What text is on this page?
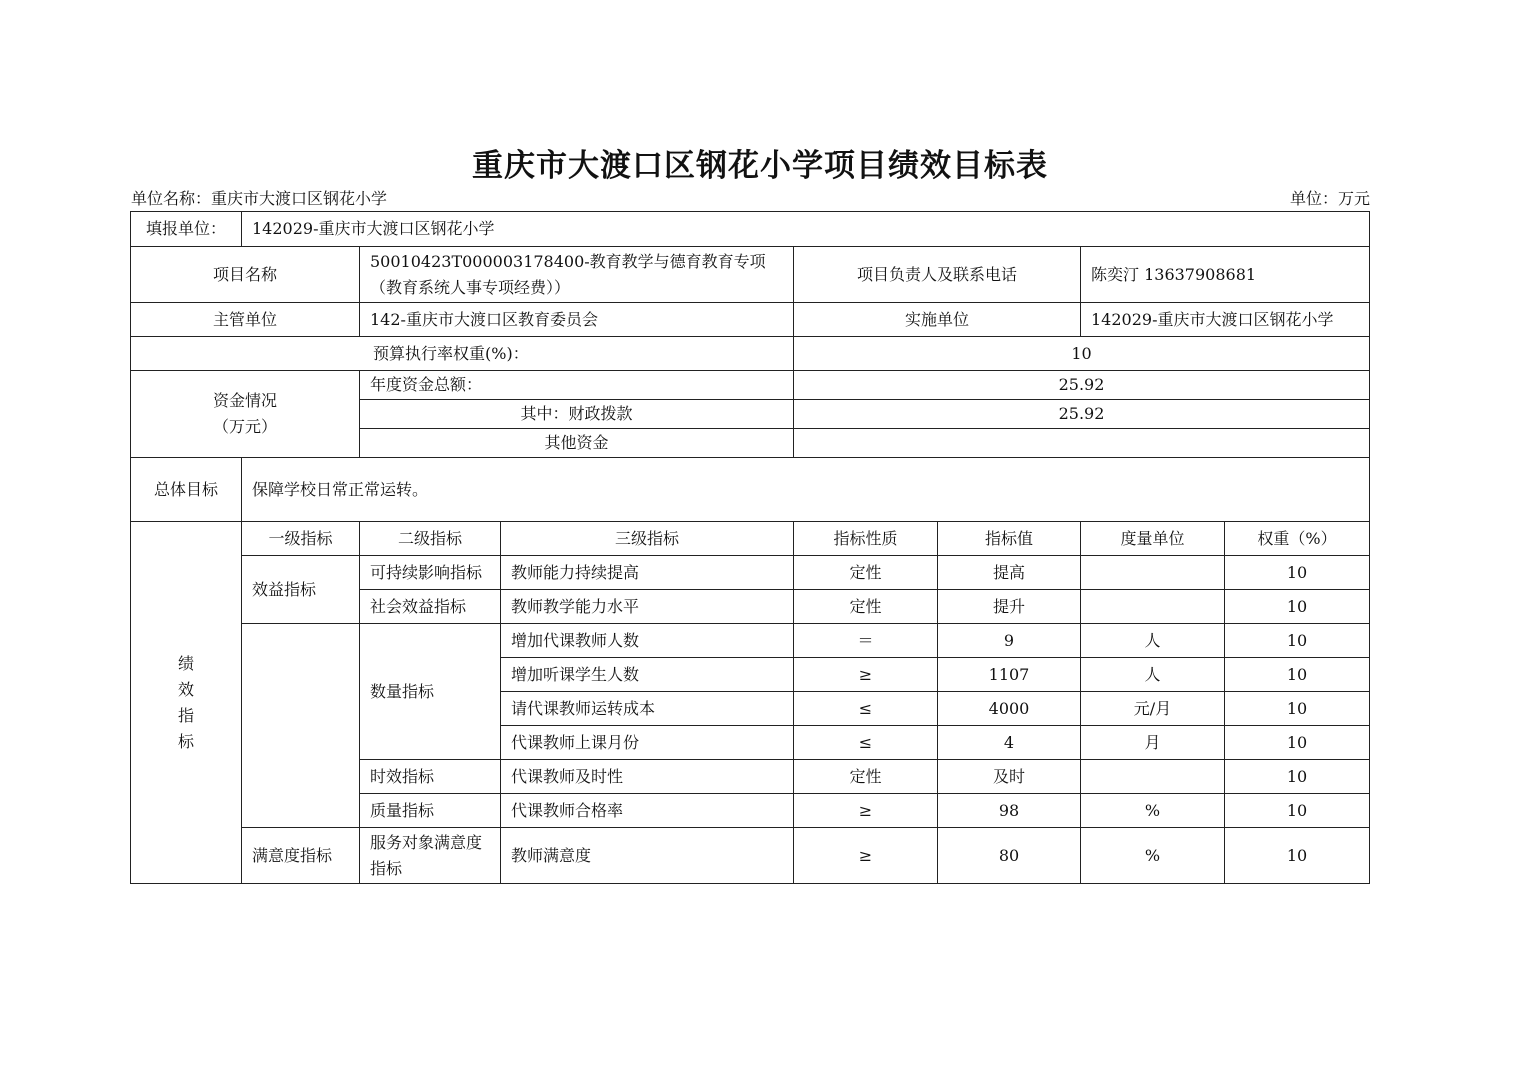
重庆市大渡口区钢花小学项目绩效目标表
单位名称：重庆市大渡口区钢花小学	单位：万元
填报单位：	142029-重庆市大渡口区钢花小学						
项目名称		50010423T000003178400-教育教学与德育教育专项（教育系统人事专项经费））		项目负责人及联系电话		陈奕汀 13637908681	
主管单位		142-重庆市大渡口区教育委员会		实施单位		142029-重庆市大渡口区钢花小学	
预算执行率权重(%)：				10			

资金情况
（万元）		年度资金总额：		25.92			
		其中：财政拨款		25.92			
		其他资金					
总体目标	保障学校日常正常运转。						

绩
效
指
标	一级指标	二级指标	三级指标	指标性质	指标值	度量单位	权重（%）
	效益指标	可持续影响指标	教师能力持续提高	定性	提高		10
		社会效益指标	教师教学能力水平	定性	提升		10
		数量指标	增加代课教师人数	＝	9	人	10
			增加听课学生人数	≥	1107	人	10
			请代课教师运转成本	≤	4000	元/月	10
			代课教师上课月份	≤	4	月	10
		时效指标	代课教师及时性	定性	及时		10
		质量指标	代课教师合格率	≥	98	%	10
	满意度指标	服务对象满意度指标	教师满意度	≥	80	%	10
